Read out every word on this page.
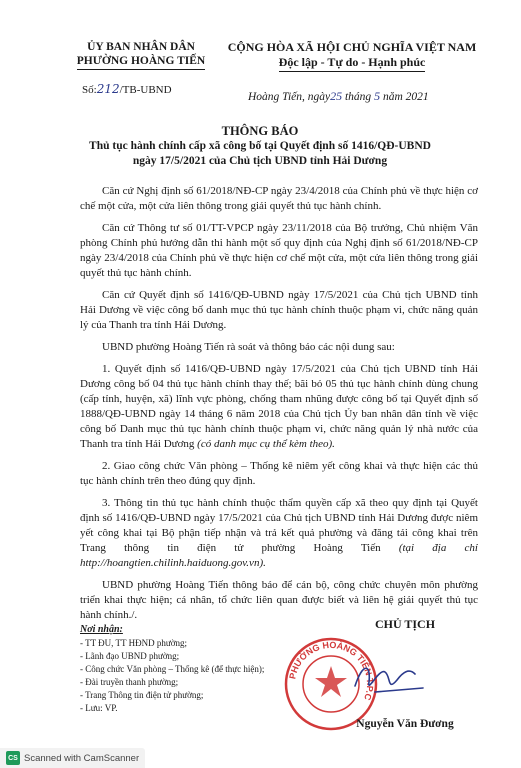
ỦY BAN NHÂN DÂN
PHƯỜNG HOÀNG TIẾN
CỘNG HÒA XÃ HỘI CHỦ NGHĨA VIỆT NAM
Độc lập - Tự do - Hạnh phúc
Số:212/TB-UBND
Hoàng Tiến, ngày25 tháng 5 năm 2021
THÔNG BÁO
Thủ tục hành chính cấp xã công bố tại Quyết định số 1416/QĐ-UBND
ngày 17/5/2021 của Chủ tịch UBND tỉnh Hải Dương

Căn cứ Nghị định số 61/2018/NĐ-CP ngày 23/4/2018 của Chính phủ về thực hiện cơ chế một cửa, một cửa liên thông trong giải quyết thủ tục hành chính.

Căn cứ Thông tư số 01/TT-VPCP ngày 23/11/2018 của Bộ trưởng, Chủ nhiệm Văn phòng Chính phủ hướng dẫn thi hành một số quy định của Nghị định số 61/2018/NĐ-CP ngày 23/4/2018 của Chính phủ về thực hiện cơ chế một cửa, một cửa liên thông trong giải quyết thủ tục hành chính.

Căn cứ Quyết định số 1416/QĐ-UBND ngày 17/5/2021 của Chủ tịch UBND tỉnh Hải Dương về việc công bố danh mục thủ tục hành chính thuộc phạm vi, chức năng quản lý của Thanh tra tỉnh Hải Dương.

UBND phường Hoàng Tiến rà soát và thông báo các nội dung sau:

1. Quyết định số 1416/QĐ-UBND ngày 17/5/2021 của Chủ tịch UBND tỉnh Hải Dương công bố 04 thủ tục hành chính thay thế; bãi bỏ 05 thủ tục hành chính dùng chung (cấp tỉnh, huyện, xã) lĩnh vực phòng, chống tham nhũng được công bố tại Quyết định số 1888/QĐ-UBND ngày 14 tháng 6 năm 2018 của Chủ tịch Ủy ban nhân dân tỉnh về việc công bố Danh mục thủ tục hành chính thuộc phạm vi, chức năng quản lý nhà nước của Thanh tra tỉnh Hải Dương (có danh mục cụ thể kèm theo).

2. Giao công chức Văn phòng – Thống kê niêm yết công khai và thực hiện các thủ tục hành chính trên theo đúng quy định.

3. Thông tin thủ tục hành chính thuộc thẩm quyền cấp xã theo quy định tại Quyết định số 1416/QĐ-UBND ngày 17/5/2021 của Chủ tịch UBND tỉnh Hải Dương được niêm yết công khai tại Bộ phận tiếp nhận và trả kết quả phường và đăng tải công khai trên Trang thông tin điện tử phường Hoàng Tiến (tại địa chỉ http://hoangtien.chilinh.haiduong.gov.vn).

UBND phường Hoàng Tiến thông báo để cán bộ, công chức chuyên môn phường triển khai thực hiện; cá nhân, tổ chức liên quan được biết và liên hệ giải quyết thủ tục hành chính./.

Nơi nhận:
- TT ĐU, TT HĐND phường;
- Lãnh đạo UBND phường;
- Công chức Văn phòng – Thống kê (để thực hiện);
- Đài truyền thanh phường;
- Trang Thông tin điện tử phường;
- Lưu: VP.
CHỦ TỊCH
PHƯỜNG HOÀNG TIẾN T.P.C
Nguyễn Văn Đương
CS Scanned with CamScanner
